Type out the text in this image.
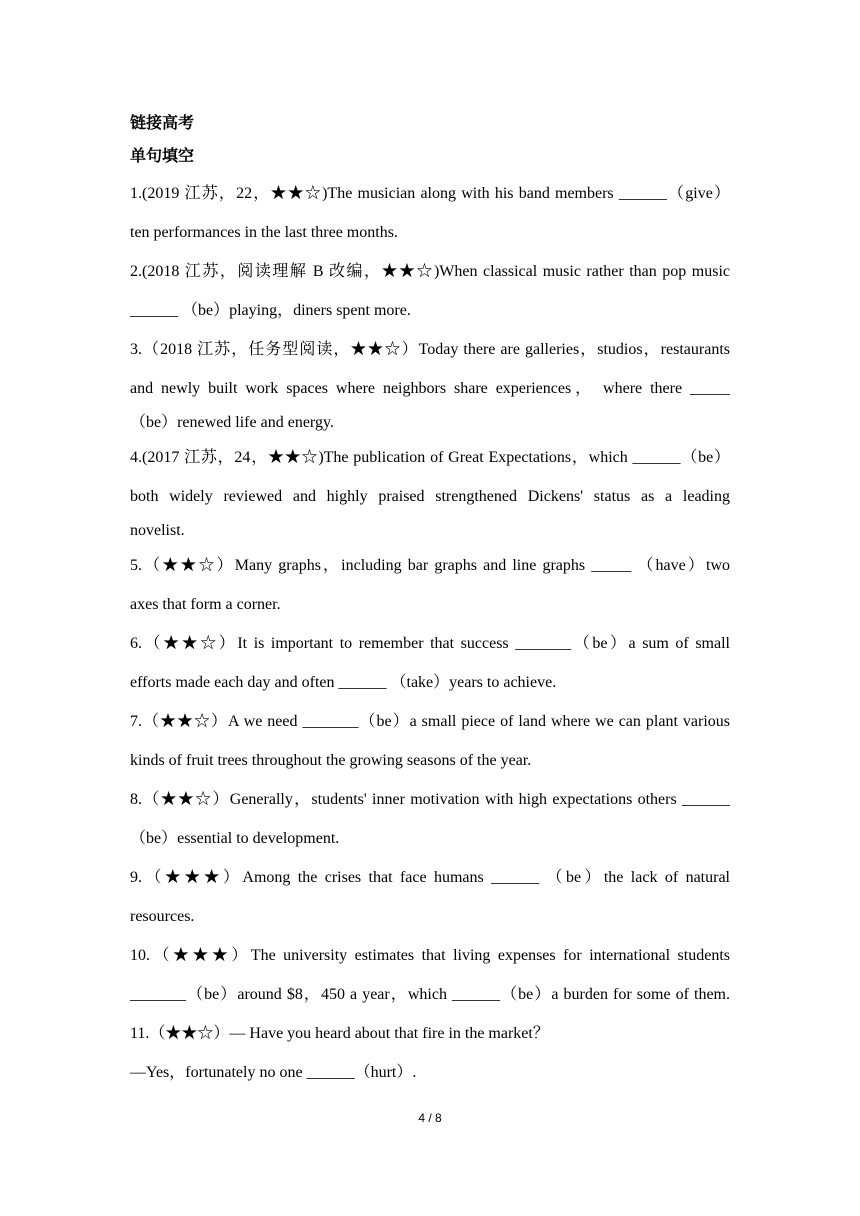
链接高考

单句填空

1.(2019 江苏，22，★★☆)The musician along with his band members ______（give）
ten performances in the last three months.
2.(2018 江苏，阅读理解 B 改编，★★☆)When classical music rather than pop music
______ （be）playing，diners spent more.
3.（2018 江苏，任务型阅读，★★☆）Today there are galleries，studios，restaurants
and newly built work spaces where neighbors share experiences， where there _____
（be）renewed life and energy.
4.(2017 江苏，24，★★☆)The publication of Great Expectations，which ______（be）
both widely reviewed and highly praised strengthened Dickens' status as a leading
novelist.
5.（★★☆）Many graphs，including bar graphs and line graphs _____ （have）two
axes that form a corner.
6.（★★☆）It is important to remember that success _______（be）a sum of small
efforts made each day and often ______ （take）years to achieve.
7.（★★☆）A we need _______（be）a small piece of land where we can plant various
kinds of fruit trees throughout the growing seasons of the year.
8.（★★☆）Generally，students' inner motivation with high expectations others ______
（be）essential to development.
9.（★★★）Among the crises that face humans ______ （be）the lack of natural
resources.
10.（★★★）The university estimates that living expenses for international students
_______（be）around $8，450 a year，which ______（be）a burden for some of them.
11.（★★☆）— Have you heard about that fire in the market？
—Yes，fortunately no one ______（hurt）.
4 / 8
